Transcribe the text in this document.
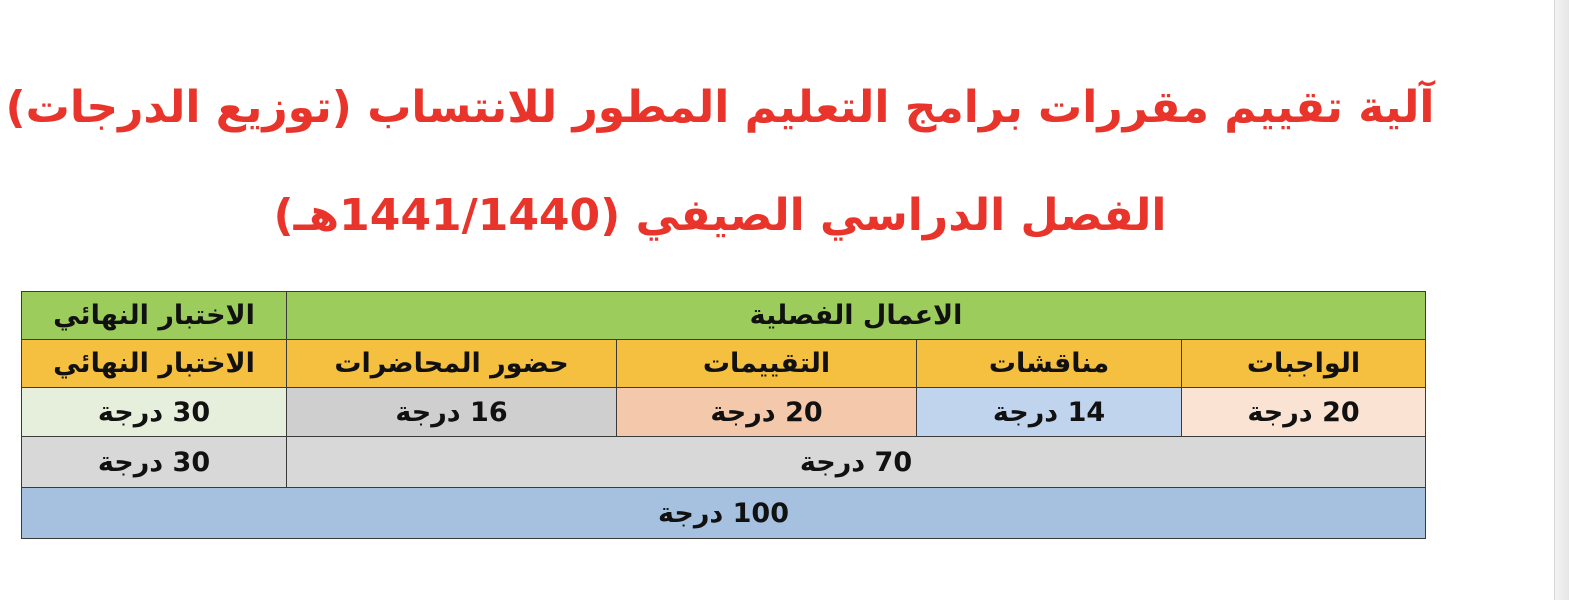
آلية تقييم مقررات برامج التعليم المطور للانتساب (توزيع الدرجات)
الفصل الدراسي الصيفي (1441/1440هـ)
الاعمال الفصلية				الاختبار النهائي
الواجبات	مناقشات	التقييمات	حضور المحاضرات	الاختبار النهائي
20 درجة	14 درجة	20 درجة	16 درجة	30 درجة
70 درجة				30 درجة
100 درجة				
